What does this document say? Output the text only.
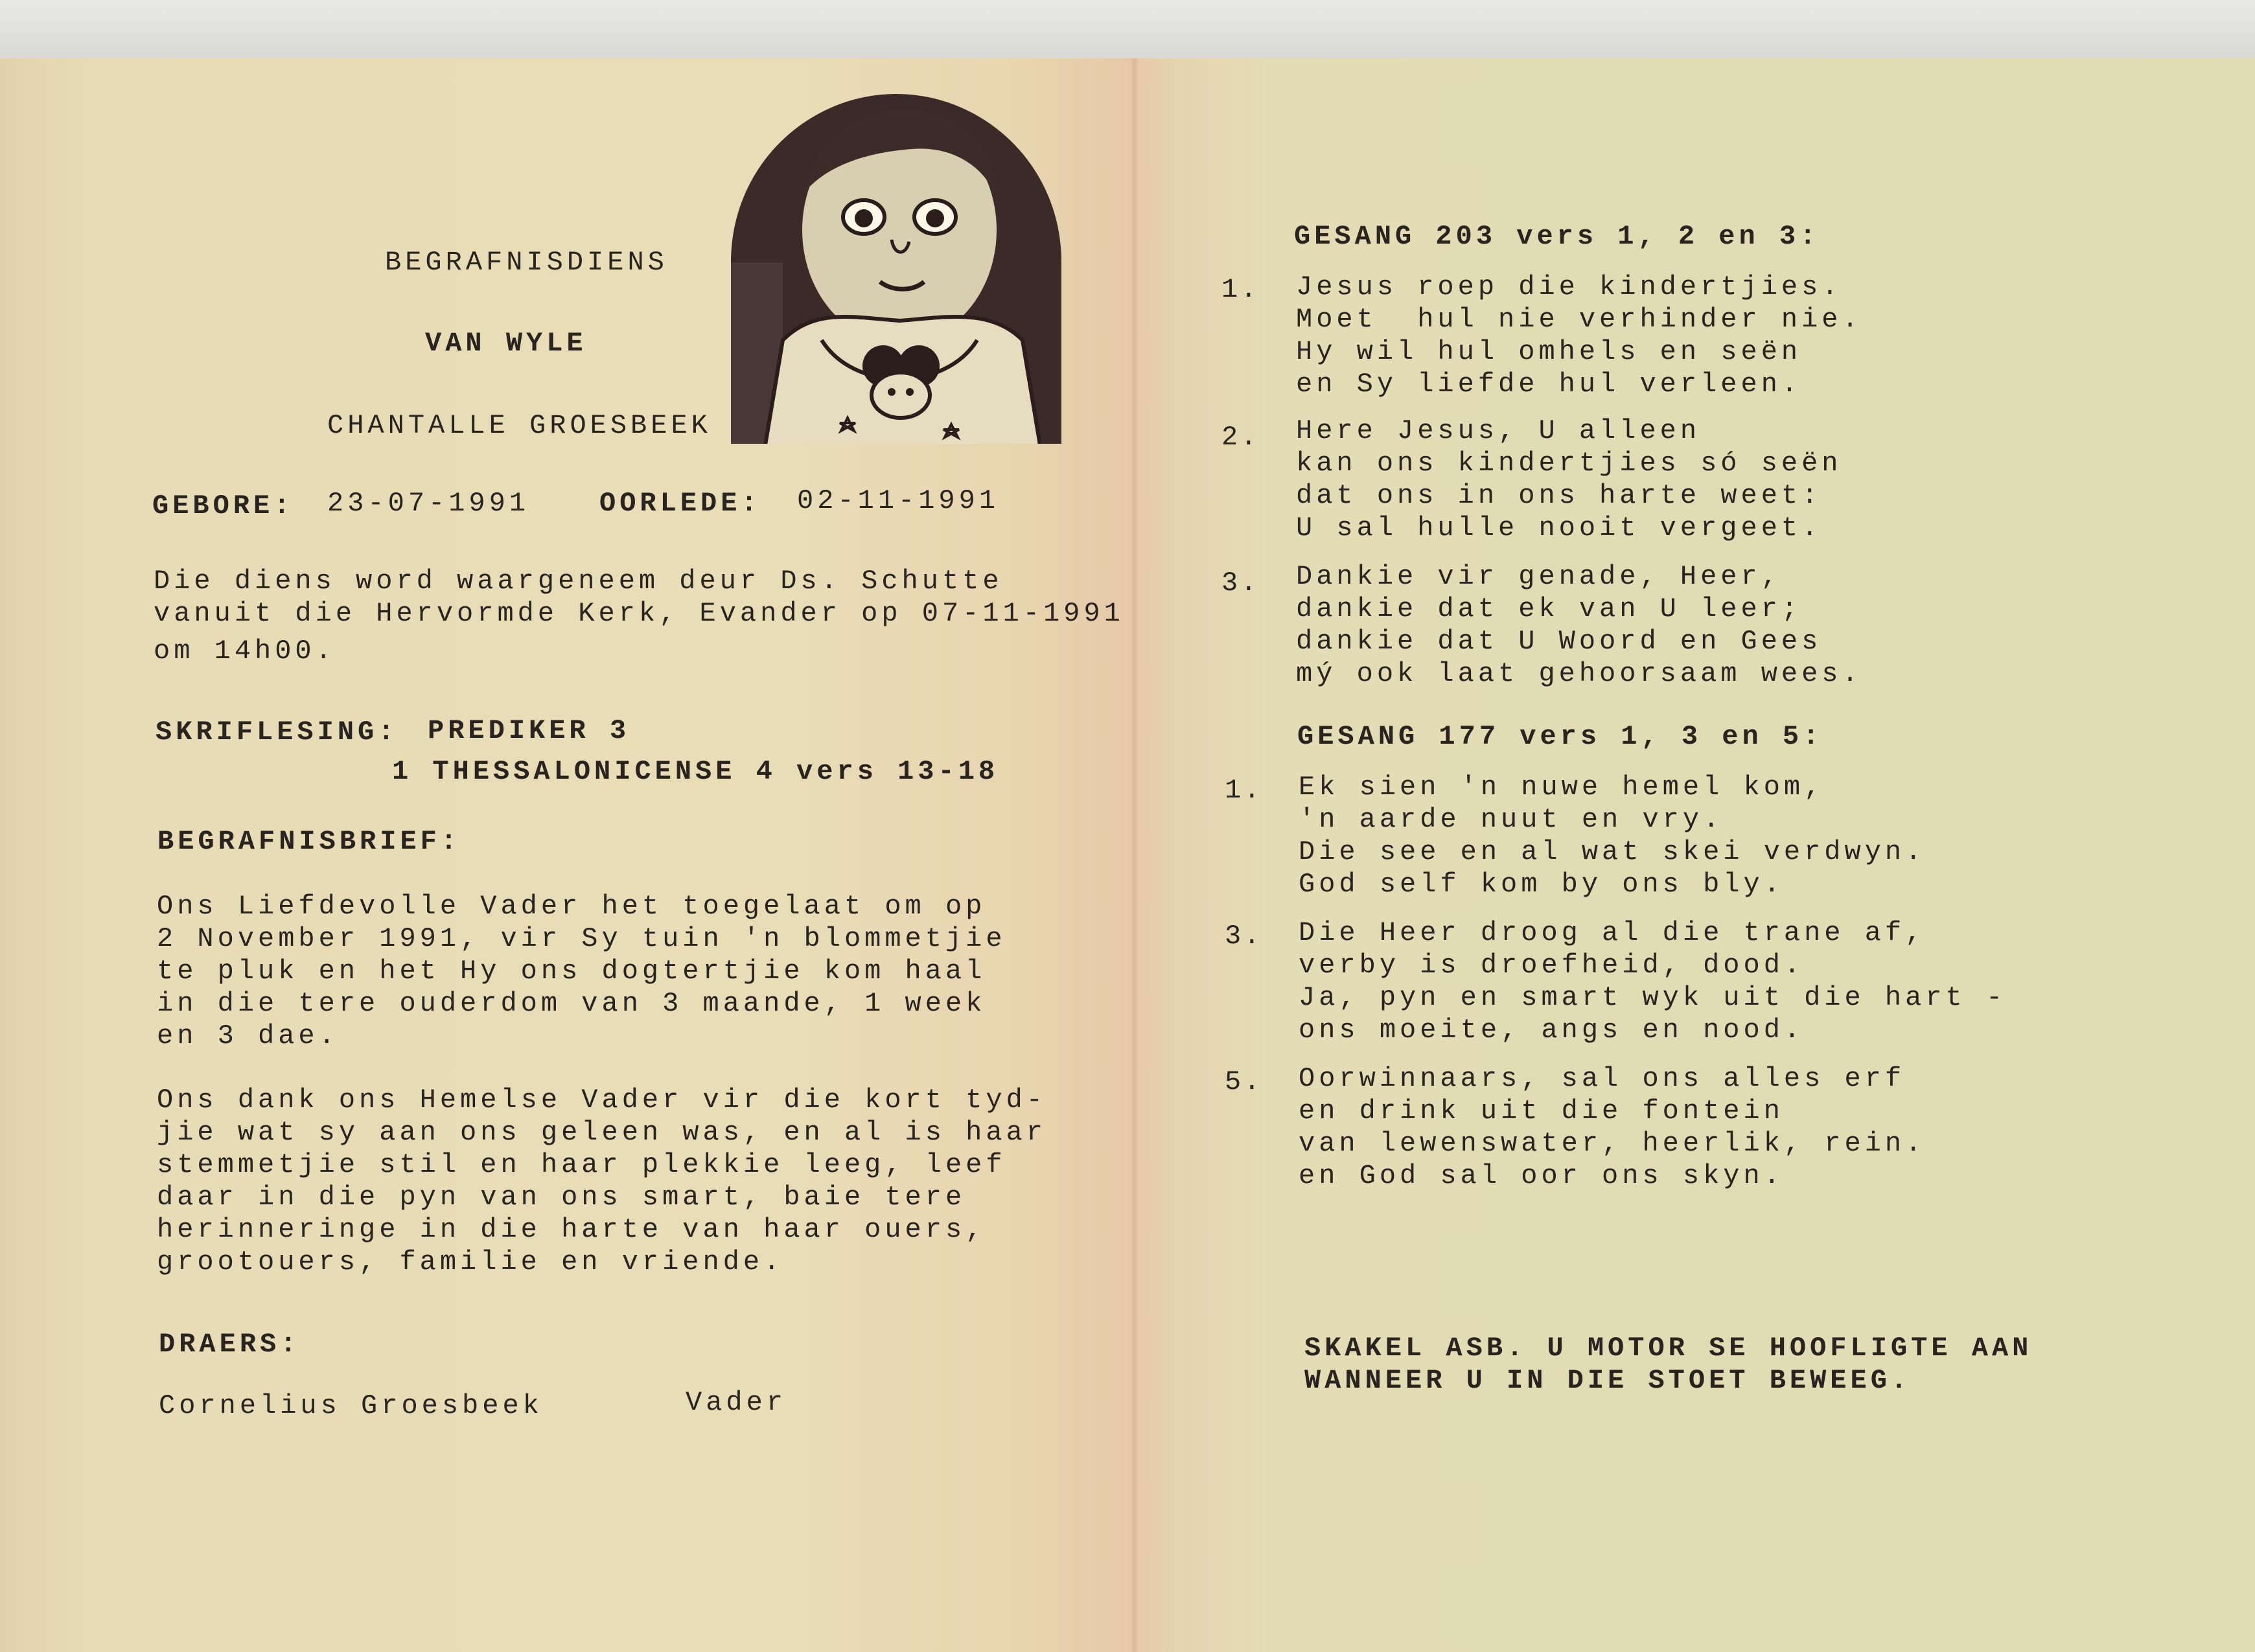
BEGRAFNISDIENS
VAN WYLE
CHANTALLE GROESBEEK
GEBORE: 23-07-1991	OORLEDE: 02-11-1991
Die diens word waargeneem deur Ds. Schutte
vanuit die Hervormde Kerk, Evander op 07-11-1991
om 14h00.
SKRIFLESING: PREDIKER 3
1 THESSALONICENSE 4 vers 13-18
BEGRAFNISBRIEF:
Ons Liefdevolle Vader het toegelaat om op
2 November 1991, vir Sy tuin 'n blommetjie
te pluk en het Hy ons dogtertjie kom haal
in die tere ouderdom van 3 maande, 1 week
en 3 dae.
Ons dank ons Hemelse Vader vir die kort tyd-
jie wat sy aan ons geleen was, en al is haar
stemmetjie stil en haar plekkie leeg, leef
daar in die pyn van ons smart, baie tere
herinneringe in die harte van haar ouers,
grootouers, familie en vriende.
DRAERS:
Cornelius Groesbeek	Vader
GESANG 203 vers 1, 2 en 3:
1. Jesus roep die kindertjies.
Moet  hul nie verhinder nie.
Hy wil hul omhels en seën
en Sy liefde hul verleen.
2. Here Jesus, U alleen
kan ons kindertjies só seën
dat ons in ons harte weet:
U sal hulle nooit vergeet.
3. Dankie vir genade, Heer,
dankie dat ek van U leer;
dankie dat U Woord en Gees
mý ook laat gehoorsaam wees.
GESANG 177 vers 1, 3 en 5:
1. Ek sien 'n nuwe hemel kom,
'n aarde nuut en vry.
Die see en al wat skei verdwyn.
God self kom by ons bly.
3. Die Heer droog al die trane af,
verby is droefheid, dood.
Ja, pyn en smart wyk uit die hart -
ons moeite, angs en nood.
5. Oorwinnaars, sal ons alles erf
en drink uit die fontein
van lewenswater, heerlik, rein.
en God sal oor ons skyn.
SKAKEL ASB. U MOTOR SE HOOFLIGTE AAN
WANNEER U IN DIE STOET BEWEEG.
